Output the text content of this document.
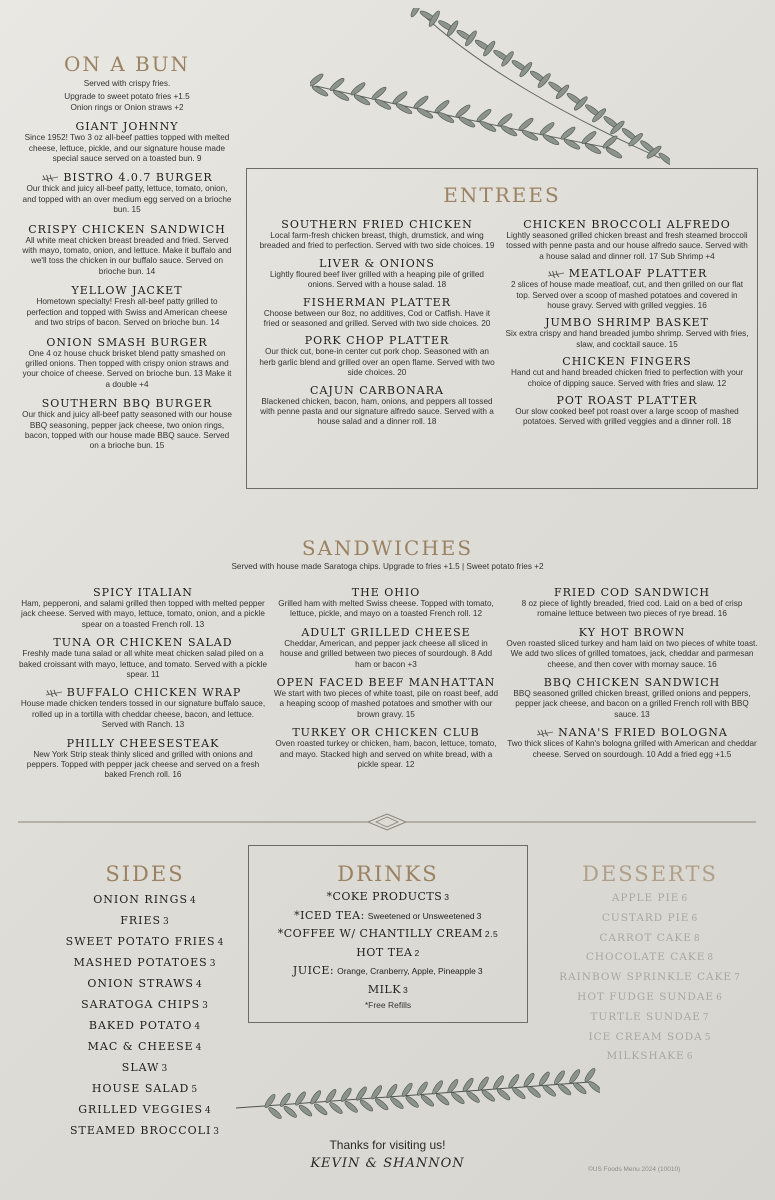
ON A BUN
Served with crispy fries.
Upgrade to sweet potato fries +1.5
Onion rings or Onion straws +2
GIANT JOHNNY
Since 1952! Two 3 oz all-beef patties topped with melted cheese, lettuce, pickle, and our signature house made special sauce served on a toasted bun. 9
BISTRO 4.0.7 BURGER
Our thick and juicy all-beef patty, lettuce, tomato, onion, and topped with an over medium egg served on a brioche bun. 15
CRISPY CHICKEN SANDWICH
All white meat chicken breast breaded and fried. Served with mayo, tomato, onion, and lettuce. Make it buffalo and we'll toss the chicken in our buffalo sauce. Served on brioche bun. 14
YELLOW JACKET
Hometown specialty! Fresh all-beef patty grilled to perfection and topped with Swiss and American cheese and two strips of bacon. Served on brioche bun. 14
ONION SMASH BURGER
One 4 oz house chuck brisket blend patty smashed on grilled onions. Then topped with crispy onion straws and your choice of cheese. Served on brioche bun. 13 Make it a double +4
SOUTHERN BBQ BURGER
Our thick and juicy all-beef patty seasoned with our house BBQ seasoning, pepper jack cheese, two onion rings, bacon, topped with our house made BBQ sauce. Served on a brioche bun. 15
ENTREES
SOUTHERN FRIED CHICKEN
Local farm-fresh chicken breast, thigh, drumstick, and wing breaded and fried to perfection. Served with two side choices. 19
LIVER & ONIONS
Lightly floured beef liver grilled with a heaping pile of grilled onions. Served with a house salad. 18
FISHERMAN PLATTER
Choose between our 8oz, no additives, Cod or Catfish. Have it fried or seasoned and grilled. Served with two side choices. 20
PORK CHOP PLATTER
Our thick cut, bone-in center cut pork chop. Seasoned with an herb garlic blend and grilled over an open flame. Served with two side choices. 20
CAJUN CARBONARA
Blackened chicken, bacon, ham, onions, and peppers all tossed with penne pasta and our signature alfredo sauce. Served with a house salad and a dinner roll. 18
CHICKEN BROCCOLI ALFREDO
Lightly seasoned grilled chicken breast and fresh steamed broccoli tossed with penne pasta and our house alfredo sauce. Served with a house salad and dinner roll. 17 Sub Shrimp +4
MEATLOAF PLATTER
2 slices of house made meatloaf, cut, and then grilled on our flat top. Served over a scoop of mashed potatoes and covered in house gravy. Served with grilled veggies. 16
JUMBO SHRIMP BASKET
Six extra crispy and hand breaded jumbo shrimp. Served with fries, slaw, and cocktail sauce. 15
CHICKEN FINGERS
Hand cut and hand breaded chicken fried to perfection with your choice of dipping sauce. Served with fries and slaw. 12
POT ROAST PLATTER
Our slow cooked beef pot roast over a large scoop of mashed potatoes. Served with grilled veggies and a dinner roll. 18
SANDWICHES
Served with house made Saratoga chips. Upgrade to fries +1.5 | Sweet potato fries +2
SPICY ITALIAN
Ham, pepperoni, and salami grilled then topped with melted pepper jack cheese. Served with mayo, lettuce, tomato, onion, and a pickle spear on a toasted French roll. 13
TUNA OR CHICKEN SALAD
Freshly made tuna salad or all white meat chicken salad piled on a baked croissant with mayo, lettuce, and tomato. Served with a pickle spear. 11
BUFFALO CHICKEN WRAP
House made chicken tenders tossed in our signature buffalo sauce, rolled up in a tortilla with cheddar cheese, bacon, and lettuce. Served with Ranch. 13
PHILLY CHEESESTEAK
New York Strip steak thinly sliced and grilled with onions and peppers. Topped with pepper jack cheese and served on a fresh baked French roll. 16
THE OHIO
Grilled ham with melted Swiss cheese. Topped with tomato, lettuce, pickle, and mayo on a toasted French roll. 12
ADULT GRILLED CHEESE
Cheddar, American, and pepper jack cheese all sliced in house and grilled between two pieces of sourdough. 8 Add ham or bacon +3
OPEN FACED BEEF MANHATTAN
We start with two pieces of white toast, pile on roast beef, add a heaping scoop of mashed potatoes and smother with our brown gravy. 15
TURKEY OR CHICKEN CLUB
Oven roasted turkey or chicken, ham, bacon, lettuce, tomato, and mayo. Stacked high and served on white bread, with a pickle spear. 12
FRIED COD SANDWICH
8 oz piece of lightly breaded, fried cod. Laid on a bed of crisp romaine lettuce between two pieces of rye bread. 16
KY HOT BROWN
Oven roasted sliced turkey and ham laid on two pieces of white toast. We add two slices of grilled tomatoes, jack, cheddar and parmesan cheese, and then cover with mornay sauce. 16
BBQ CHICKEN SANDWICH
BBQ seasoned grilled chicken breast, grilled onions and peppers, pepper jack cheese, and bacon on a grilled French roll with BBQ sauce. 13
NANA'S FRIED BOLOGNA
Two thick slices of Kahn's bologna grilled with American and cheddar cheese. Served on sourdough. 10 Add a fried egg +1.5
SIDES
ONION RINGS 4
FRIES 3
SWEET POTATO FRIES 4
MASHED POTATOES 3
ONION STRAWS 4
SARATOGA CHIPS 3
BAKED POTATO 4
MAC & CHEESE 4
SLAW 3
HOUSE SALAD 5
GRILLED VEGGIES 4
STEAMED BROCCOLI 3
DRINKS
*COKE PRODUCTS 3
*ICED TEA: Sweetened or Unsweetened 3
*COFFEE W/ CHANTILLY CREAM 2.5
HOT TEA 2
JUICE: Orange, Cranberry, Apple, Pineapple 3
MILK 3
*Free Refills
DESSERTS
APPLE PIE 6
CUSTARD PIE 6
CARROT CAKE 8
CHOCOLATE CAKE 8
RAINBOW SPRINKLE CAKE 7
HOT FUDGE SUNDAE 6
TURTLE SUNDAE 7
ICE CREAM SODA 5
MILKSHAKE 6
Thanks for visiting us!
KEVIN & SHANNON	©US Foods Menu 2024 (10010)
